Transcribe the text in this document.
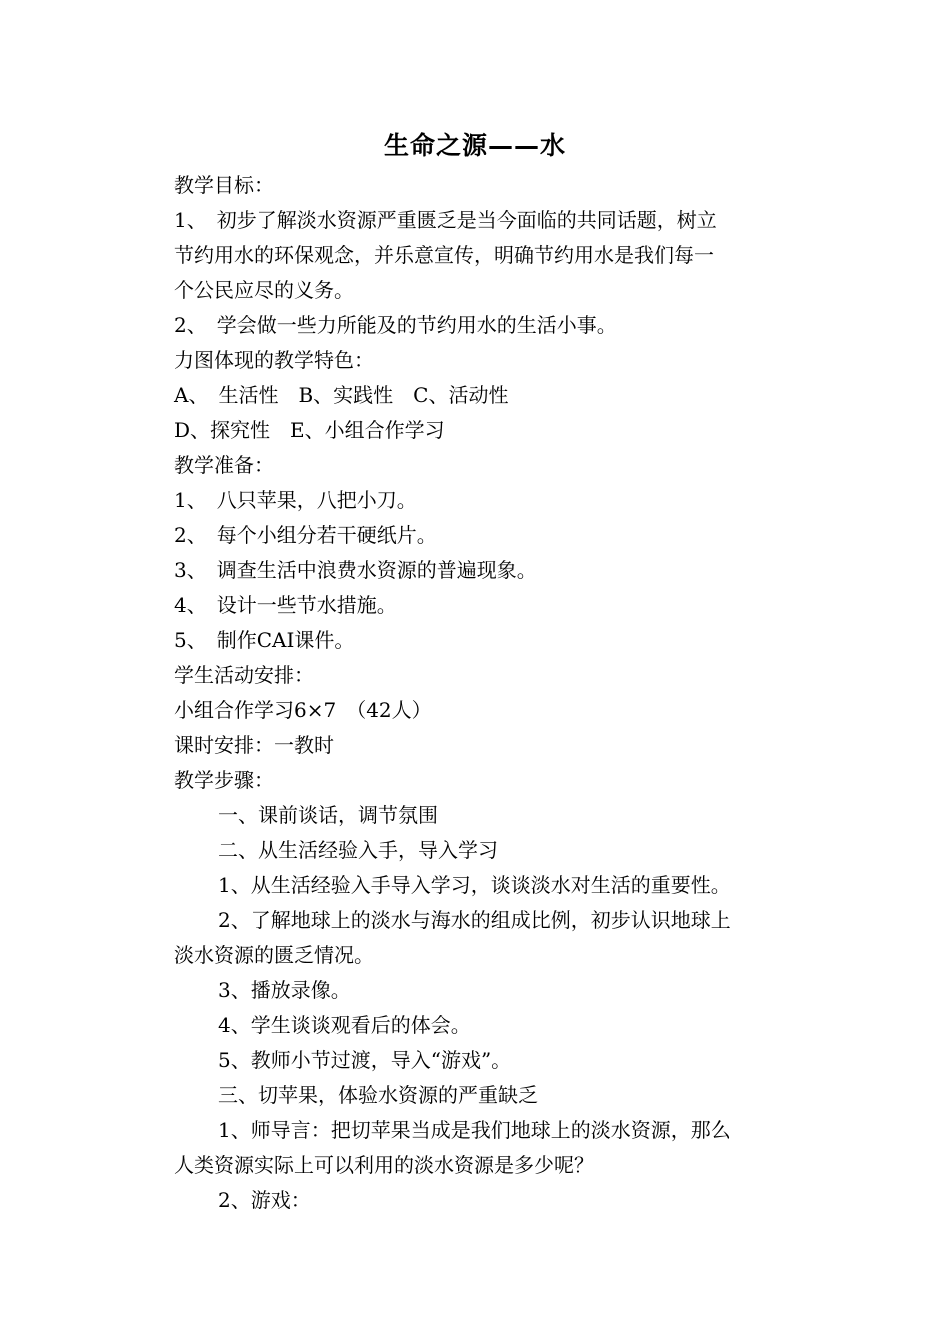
生命之源——水
教学目标：
1、　初步了解淡水资源严重匮乏是当今面临的共同话题，树立
节约用水的环保观念，并乐意宣传，明确节约用水是我们每一
个公民应尽的义务。
2、　学会做一些力所能及的节约用水的生活小事。
力图体现的教学特色：
A、　生活性　B、实践性　C、活动性
D、探究性　E、小组合作学习
教学准备：
1、　八只苹果，八把小刀。
2、　每个小组分若干硬纸片。
3、　调查生活中浪费水资源的普遍现象。
4、　设计一些节水措施。
5、　制作CAI课件。
学生活动安排：
小组合作学习6×7　（42人）
课时安排：一教时
教学步骤：
一、课前谈话，调节氛围
二、从生活经验入手，导入学习
1、从生活经验入手导入学习，谈谈淡水对生活的重要性。
2、了解地球上的淡水与海水的组成比例，初步认识地球上
淡水资源的匮乏情况。
3、播放录像。
4、学生谈谈观看后的体会。
5、教师小节过渡，导入“游戏”。
三、切苹果，体验水资源的严重缺乏
1、师导言：把切苹果当成是我们地球上的淡水资源，那么
人类资源实际上可以利用的淡水资源是多少呢？
2、游戏：
